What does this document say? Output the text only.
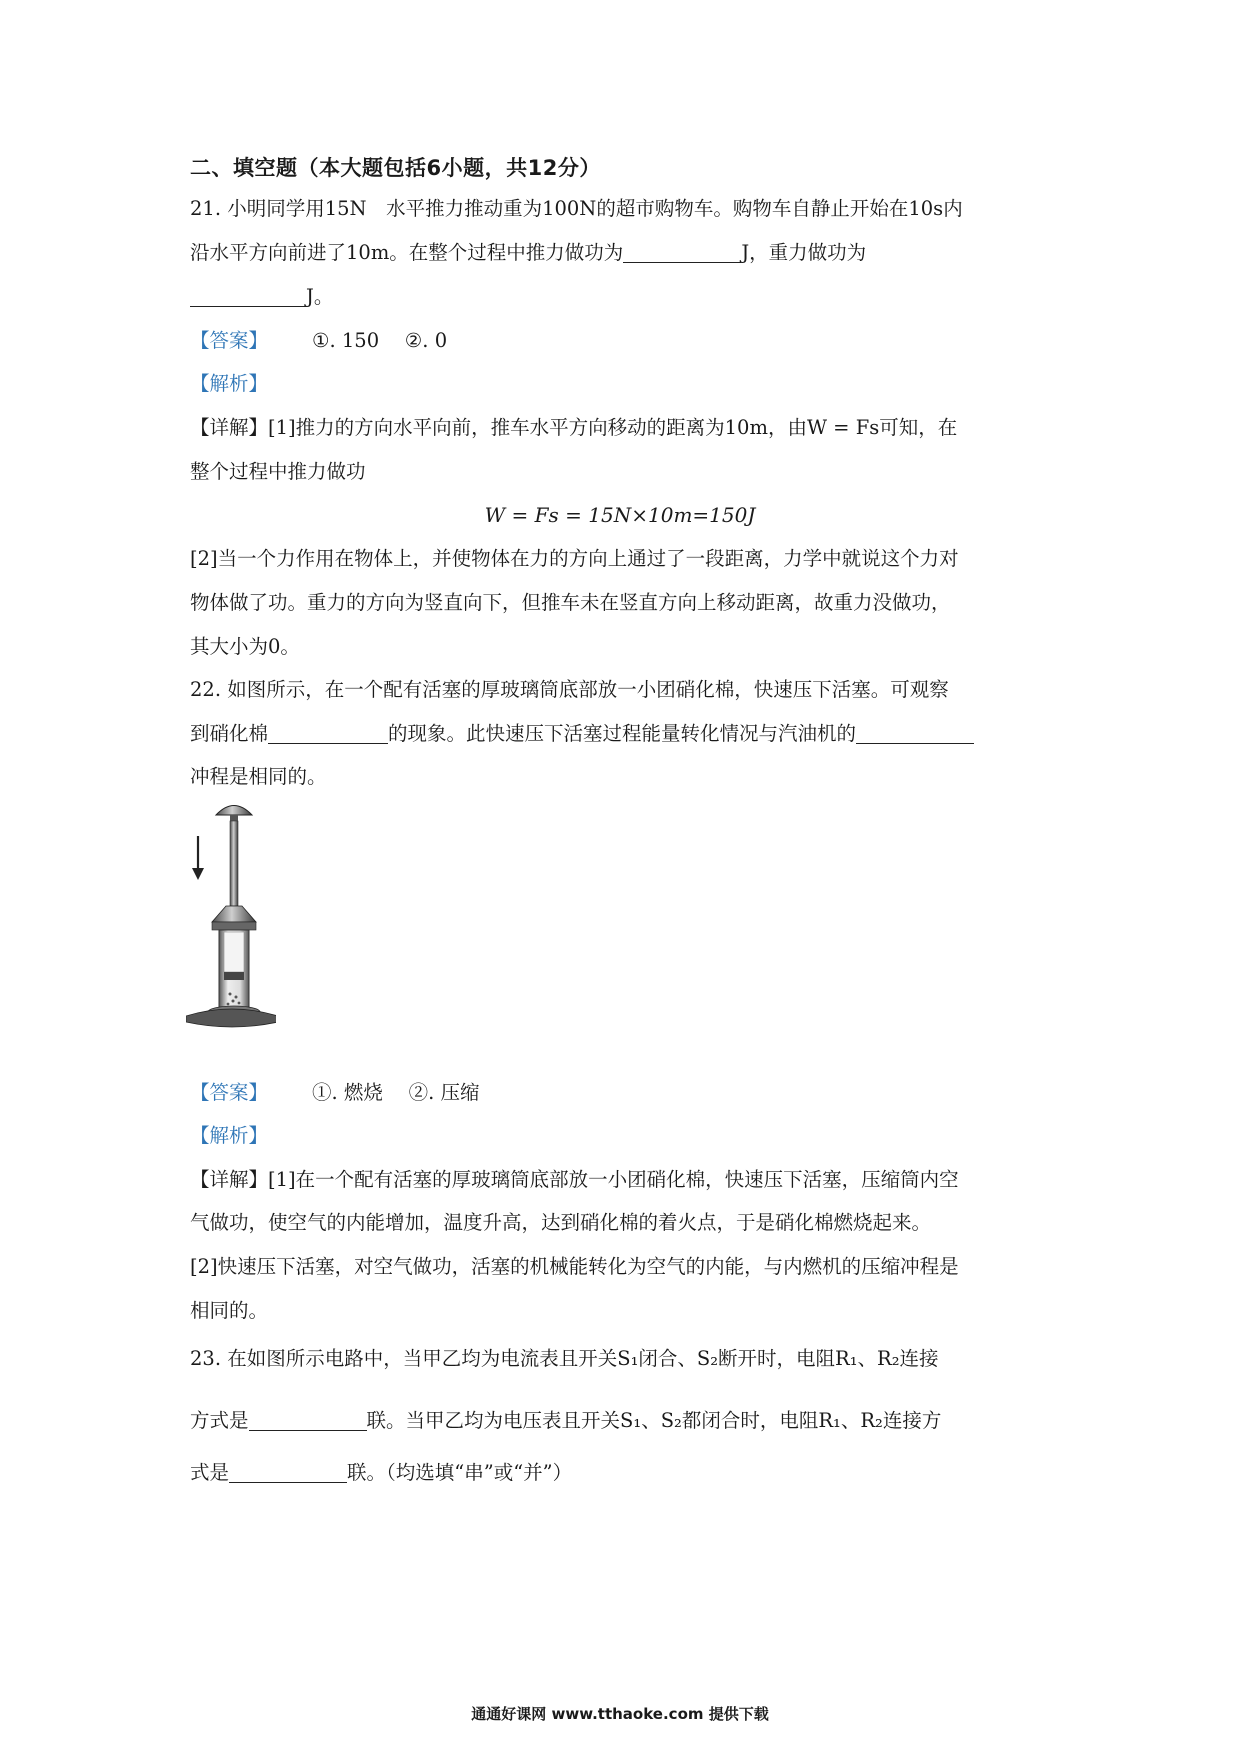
二、填空题（本大题包括6小题，共12分）
21. 小明同学用15N　水平推力推动重为100N的超市购物车。购物车自静止开始在10s内
沿水平方向前进了10m。在整个过程中推力做功为	J，重力做功为
J。
【答案】 ①. 150　 ②. 0
【解析】
【详解】[1]推力的方向水平向前，推车水平方向移动的距离为10m，由W = Fs可知，在
整个过程中推力做功
W = Fs = 15N×10m=150J
[2]当一个力作用在物体上，并使物体在力的方向上通过了一段距离，力学中就说这个力对
物体做了功。重力的方向为竖直向下，但推车未在竖直方向上移动距离，故重力没做功，
其大小为0。
22. 如图所示，在一个配有活塞的厚玻璃筒底部放一小团硝化棉，快速压下活塞。可观察
到硝化棉	的现象。此快速压下活塞过程能量转化情况与汽油机的
冲程是相同的。
【答案】 ①. 燃烧　 ②. 压缩
【解析】
【详解】[1]在一个配有活塞的厚玻璃筒底部放一小团硝化棉，快速压下活塞，压缩筒内空
气做功，使空气的内能增加，温度升高，达到硝化棉的着火点，于是硝化棉燃烧起来。
[2]快速压下活塞，对空气做功，活塞的机械能转化为空气的内能，与内燃机的压缩冲程是
相同的。
23. 在如图所示电路中，当甲乙均为电流表且开关S₁闭合、S₂断开时，电阻R₁、R₂连接
方式是	联。当甲乙均为电压表且开关S₁、S₂都闭合时，电阻R₁、R₂连接方
式是	联。（均选填“串”或“并”）
通通好课网 www.tthaoke.com 提供下载
